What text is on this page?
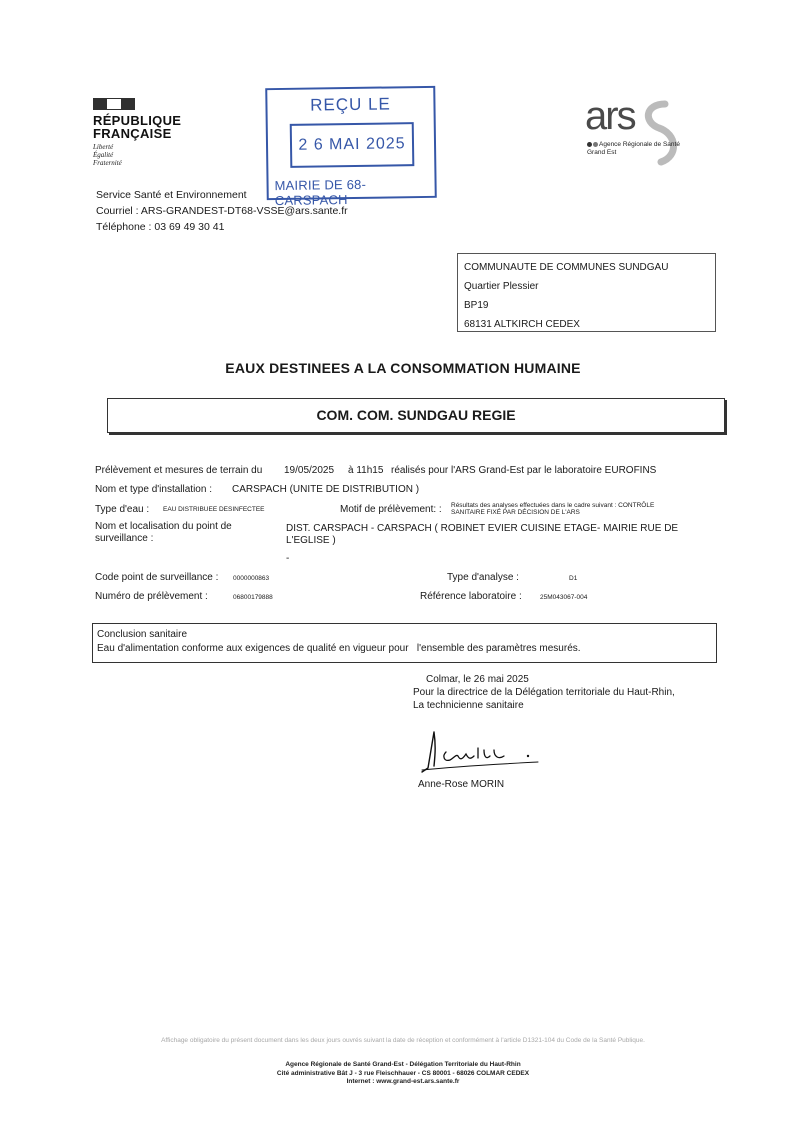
RÉPUBLIQUE
FRANÇAISE
Liberté
Égalité
Fraternité
REÇU LE
2 6 MAI 2025
MAIRIE DE 68-CARSPACH
ars
Agence Régionale de Santé
Grand Est
Service Santé et Environnement
Courriel : ARS-GRANDEST-DT68-VSSE@ars.sante.fr
Téléphone : 03 69 49 30 41
COMMUNAUTE DE COMMUNES SUNDGAU
Quartier Plessier
BP19
68131 ALTKIRCH CEDEX
EAUX DESTINEES A LA CONSOMMATION HUMAINE
COM. COM. SUNDGAU REGIE
Prélèvement et mesures de terrain du 19/05/2025 à 11h15 réalisés pour l'ARS Grand-Est par le laboratoire EUROFINS
Nom et type d'installation : CARSPACH (UNITE DE DISTRIBUTION )
Type d'eau : EAU DISTRIBUEE DESINFECTEE	Motif de prélèvement: : Résultats des analyses effectuées dans le cadre suivant : CONTRÔLE
SANITAIRE FIXÉ PAR DÉCISION DE L'ARS
Nom et localisation du point de
surveillance :
DIST. CARSPACH - CARSPACH ( ROBINET EVIER CUISINE ETAGE- MAIRIE RUE DE
L'EGLISE )
-
Code point de surveillance : 0000000863	Type d'analyse :	D1
Numéro de prélèvement :	06800179888	Référence laboratoire :	25M043067-004
Conclusion sanitaire
Eau d'alimentation conforme aux exigences de qualité en vigueur pour   l'ensemble des paramètres mesurés.
Colmar, le 26 mai 2025
Pour la directrice de la Délégation territoriale du Haut-Rhin,
La technicienne sanitaire
Anne-Rose MORIN
Affichage obligatoire du présent document dans les deux jours ouvrés suivant la date de réception et conformément à l'article D1321-104 du Code de la Santé Publique.
Agence Régionale de Santé Grand-Est - Délégation Territoriale du Haut-Rhin
Cité administrative Bât J - 3 rue Fleischhauer - CS 80001 - 68026 COLMAR CEDEX
Internet : www.grand-est.ars.sante.fr
